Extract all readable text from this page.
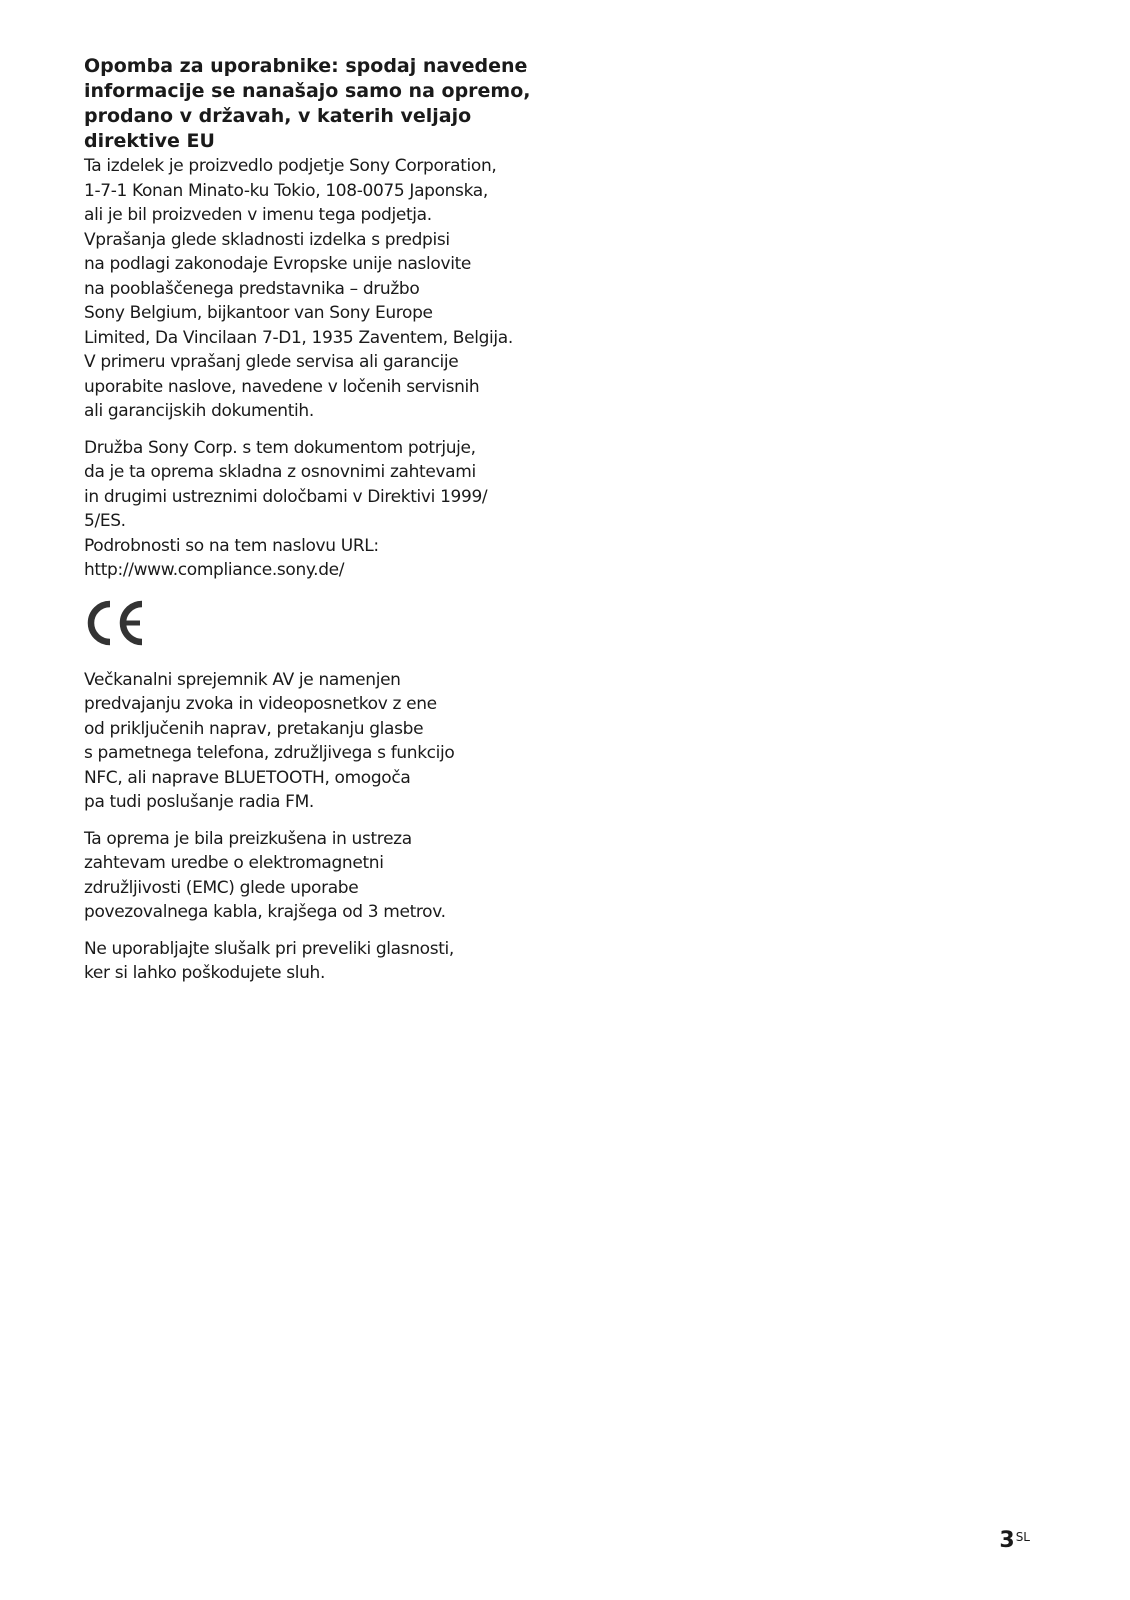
Opomba za uporabnike: spodaj navedene
informacije se nanašajo samo na opremo,
prodano v državah, v katerih veljajo
direktive EU

Ta izdelek je proizvedlo podjetje Sony Corporation,
1-7-1 Konan Minato-ku Tokio, 108-0075 Japonska,
ali je bil proizveden v imenu tega podjetja.
Vprašanja glede skladnosti izdelka s predpisi
na podlagi zakonodaje Evropske unije naslovite
na pooblaščenega predstavnika – družbo
Sony Belgium, bijkantoor van Sony Europe
Limited, Da Vincilaan 7-D1, 1935 Zaventem, Belgija.
V primeru vprašanj glede servisa ali garancije
uporabite naslove, navedene v ločenih servisnih
ali garancijskih dokumentih.

Družba Sony Corp. s tem dokumentom potrjuje,
da je ta oprema skladna z osnovnimi zahtevami
in drugimi ustreznimi določbami v Direktivi 1999/
5/ES.
Podrobnosti so na tem naslovu URL:
http://www.compliance.sony.de/

Večkanalni sprejemnik AV je namenjen
predvajanju zvoka in videoposnetkov z ene
od priključenih naprav, pretakanju glasbe
s pametnega telefona, združljivega s funkcijo
NFC, ali naprave BLUETOOTH, omogoča
pa tudi poslušanje radia FM.

Ta oprema je bila preizkušena in ustreza
zahtevam uredbe o elektromagnetni
združljivosti (EMC) glede uporabe
povezovalnega kabla, krajšega od 3 metrov.

Ne uporabljajte slušalk pri preveliki glasnosti,
ker si lahko poškodujete sluh.

$3^{SL}$
